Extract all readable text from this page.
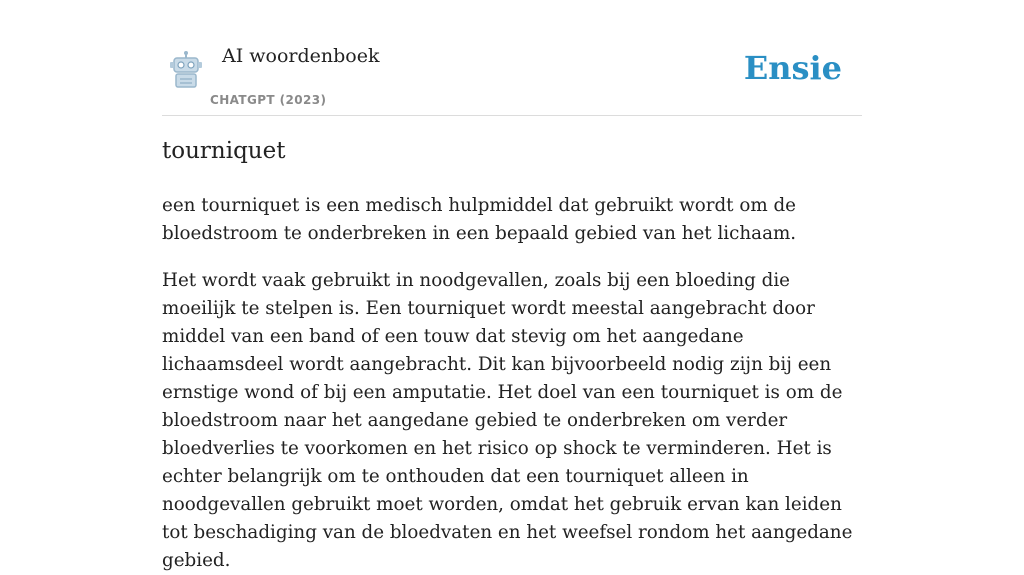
AI woordenboek
CHATGPT (2023)
Ensie
tourniquet

een tourniquet is een medisch hulpmiddel dat gebruikt wordt om de bloedstroom te onderbreken in een bepaald gebied van het lichaam.

Het wordt vaak gebruikt in noodgevallen, zoals bij een bloeding die moeilijk te stelpen is. Een tourniquet wordt meestal aangebracht door middel van een band of een touw dat stevig om het aangedane lichaamsdeel wordt aangebracht. Dit kan bijvoorbeeld nodig zijn bij een ernstige wond of bij een amputatie. Het doel van een tourniquet is om de bloedstroom naar het aangedane gebied te onderbreken om verder bloedverlies te voorkomen en het risico op shock te verminderen. Het is echter belangrijk om te onthouden dat een tourniquet alleen in noodgevallen gebruikt moet worden, omdat het gebruik ervan kan leiden tot beschadiging van de bloedvaten en het weefsel rondom het aangedane gebied.
